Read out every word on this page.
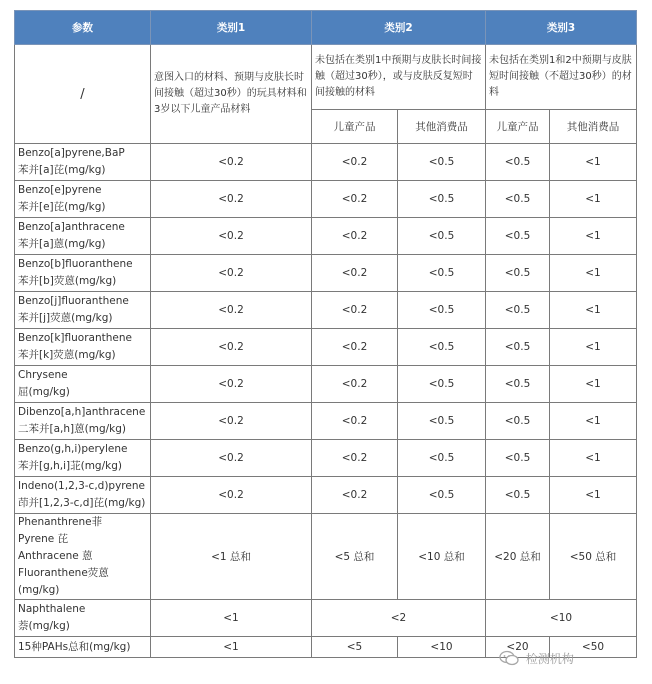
参数	类别1	类别2		类别3	
/	意图入口的材料、预期与皮肤长时间接触（超过30秒）的玩具材料和3岁以下儿童产品材料	未包括在类别1中预期与皮肤长时间接触（超过30秒），或与皮肤反复短时间接触的材料		未包括在类别1和2中预期与皮肤短时间接触（不超过30秒）的材料	
		儿童产品	其他消费品	儿童产品	其他消费品
Benzo[a]pyrene,BaP
苯并[a]芘(mg/kg)	<0.2	<0.2	<0.5	<0.5	<1
Benzo[e]pyrene
苯并[e]芘(mg/kg)	<0.2	<0.2	<0.5	<0.5	<1
Benzo[a]anthracene
苯并[a]蒽(mg/kg)	<0.2	<0.2	<0.5	<0.5	<1
Benzo[b]fluoranthene
苯并[b]荧蒽(mg/kg)	<0.2	<0.2	<0.5	<0.5	<1
Benzo[j]fluoranthene
苯并[j]荧蒽(mg/kg)	<0.2	<0.2	<0.5	<0.5	<1
Benzo[k]fluoranthene
苯并[k]荧蒽(mg/kg)	<0.2	<0.2	<0.5	<0.5	<1
Chrysene
屈(mg/kg)	<0.2	<0.2	<0.5	<0.5	<1
Dibenzo[a,h]anthracene
二苯并[a,h]蒽(mg/kg)	<0.2	<0.2	<0.5	<0.5	<1
Benzo(g,h,i)perylene
苯并[g,h,i]苝(mg/kg)	<0.2	<0.2	<0.5	<0.5	<1
Indeno(1,2,3-c,d)pyrene
茚并[1,2,3-c,d]芘(mg/kg)	<0.2	<0.2	<0.5	<0.5	<1
Phenanthrene菲
Pyrene 芘
Anthracene 蒽
Fluoranthene荧蒽(mg/kg)	<1 总和	<5 总和	<10 总和	<20 总和	<50 总和
Naphthalene
萘(mg/kg)	<1	<2		<10	
15种PAHs总和(mg/kg)	<1	<5	<10	<20	<50
检测机构
